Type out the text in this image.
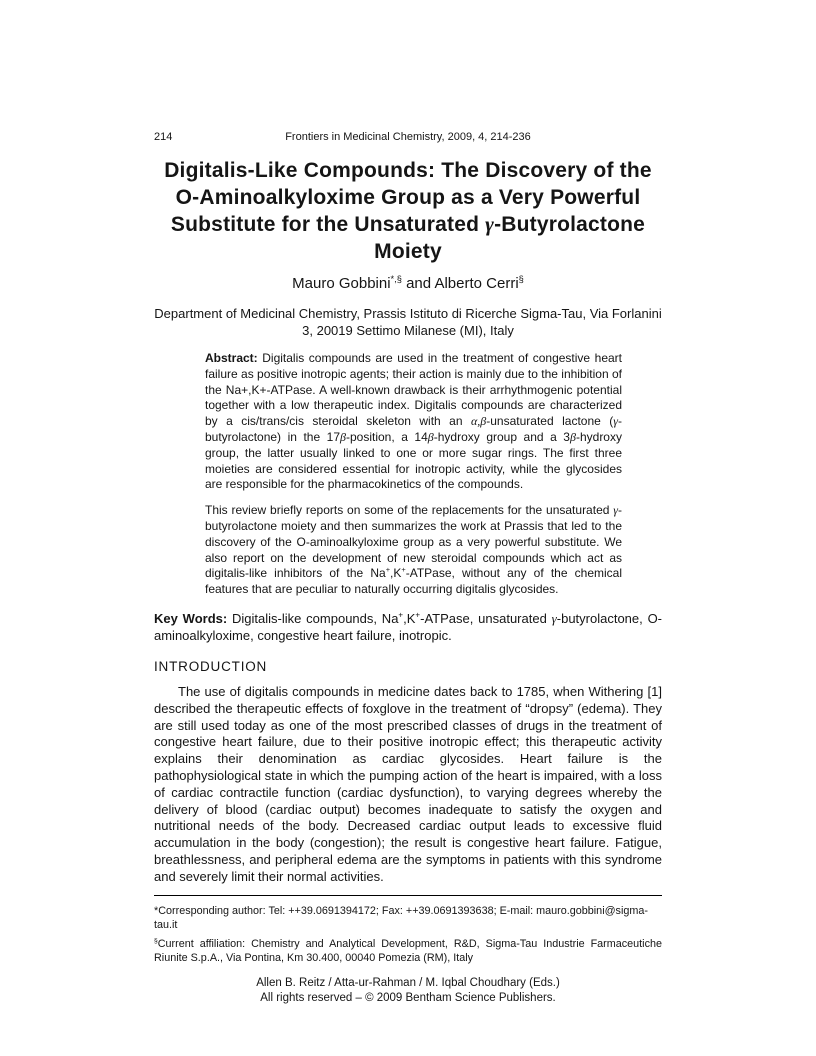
214	Frontiers in Medicinal Chemistry, 2009, 4, 214-236
Digitalis-Like Compounds: The Discovery of the
O-Aminoalkyloxime Group as a Very Powerful
Substitute for the Unsaturated γ-Butyrolactone
Moiety
Mauro Gobbini*,§ and Alberto Cerri§
Department of Medicinal Chemistry, Prassis Istituto di Ricerche Sigma-Tau, Via Forlanini
3, 20019 Settimo Milanese (MI), Italy
Abstract: Digitalis compounds are used in the treatment of congestive heart failure as positive inotropic agents; their action is mainly due to the inhibition of the Na+,K+-ATPase. A well-known drawback is their arrhythmogenic potential together with a low therapeutic index. Digitalis compounds are characterized by a cis/trans/cis steroidal skeleton with an α,β-unsaturated lactone (γ-butyrolactone) in the 17β-position, a 14β-hydroxy group and a 3β-hydroxy group, the latter usually linked to one or more sugar rings. The first three moieties are considered essential for inotropic activity, while the glycosides are responsible for the pharmacokinetics of the compounds.
This review briefly reports on some of the replacements for the unsaturated γ-butyrolactone moiety and then summarizes the work at Prassis that led to the discovery of the O-aminoalkyloxime group as a very powerful substitute. We also report on the development of new steroidal compounds which act as digitalis-like inhibitors of the Na+,K+-ATPase, without any of the chemical features that are peculiar to naturally occurring digitalis glycosides.
Key Words: Digitalis-like compounds, Na+,K+-ATPase, unsaturated γ-butyrolactone, O-aminoalkyloxime, congestive heart failure, inotropic.
INTRODUCTION
The use of digitalis compounds in medicine dates back to 1785, when Withering [1] described the therapeutic effects of foxglove in the treatment of “dropsy” (edema). They are still used today as one of the most prescribed classes of drugs in the treatment of congestive heart failure, due to their positive inotropic effect; this therapeutic activity explains their denomination as cardiac glycosides. Heart failure is the pathophysiological state in which the pumping action of the heart is impaired, with a loss of cardiac contractile function (cardiac dysfunction), to varying degrees whereby the delivery of blood (cardiac output) becomes inadequate to satisfy the oxygen and nutritional needs of the body. Decreased cardiac output leads to excessive fluid accumulation in the body (congestion); the result is congestive heart failure. Fatigue, breathlessness, and peripheral edema are the symptoms in patients with this syndrome and severely limit their normal activities.
*Corresponding author: Tel: ++39.0691394172; Fax: ++39.0691393638; E-mail: mauro.gobbini@sigma-tau.it
§Current affiliation: Chemistry and Analytical Development, R&D, Sigma-Tau Industrie Farmaceutiche Riunite S.p.A., Via Pontina, Km 30.400, 00040 Pomezia (RM), Italy
Allen B. Reitz / Atta-ur-Rahman / M. Iqbal Choudhary (Eds.)
All rights reserved – © 2009 Bentham Science Publishers.
